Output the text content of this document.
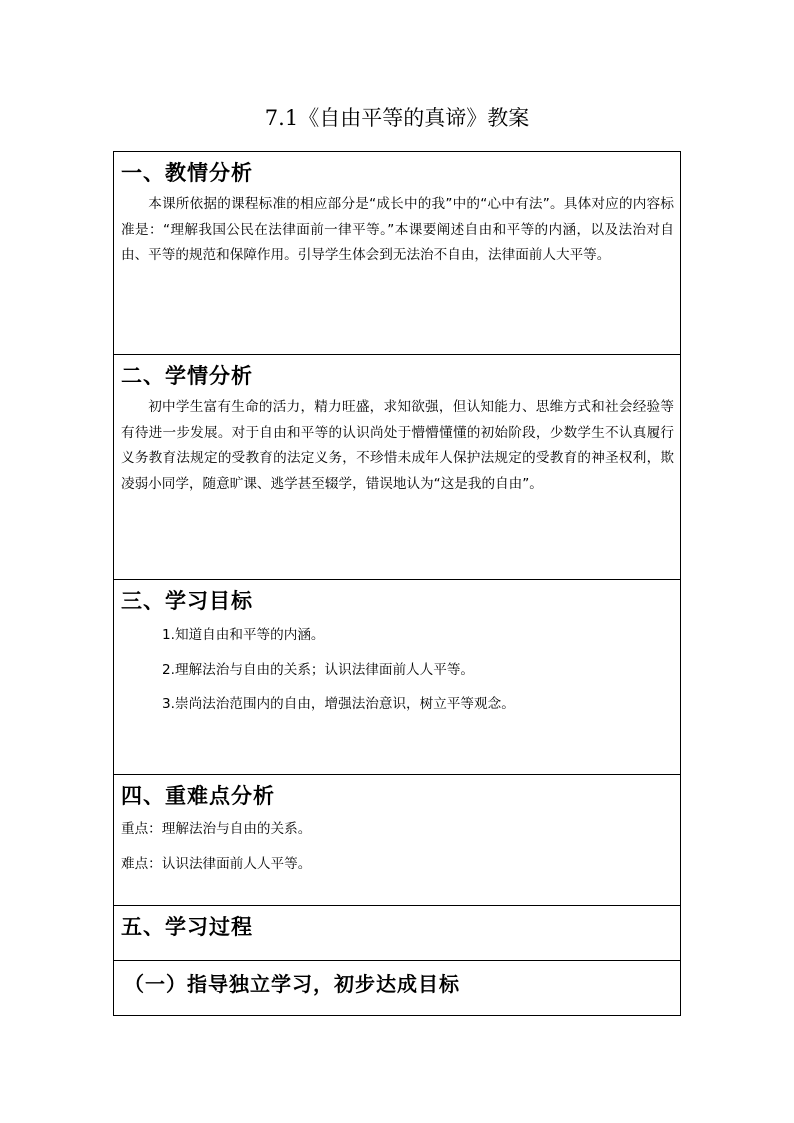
7.1《自由平等的真谛》教案
一、教情分析

本课所依据的课程标准的相应部分是“成长中的我”中的“心中有法”。具体对应的内容标准是：“理解我国公民在法律面前一律平等。”本课要阐述自由和平等的内涵，以及法治对自由、平等的规范和保障作用。引导学生体会到无法治不自由，法律面前人大平等。

二、学情分析

初中学生富有生命的活力，精力旺盛，求知欲强，但认知能力、思维方式和社会经验等有待进一步发展。对于自由和平等的认识尚处于懵懵懂懂的初始阶段，少数学生不认真履行义务教育法规定的受教育的法定义务，不珍惜未成年人保护法规定的受教育的神圣权利，欺凌弱小同学，随意旷课、逃学甚至辍学，错误地认为“这是我的自由”。

三、学习目标
1.知道自由和平等的内涵。
2.理解法治与自由的关系；认识法律面前人人平等。
3.崇尚法治范围内的自由，增强法治意识，树立平等观念。
四、重难点分析

重点：理解法治与自由的关系。

难点：认识法律面前人人平等。

五、学习过程
（一）指导独立学习，初步达成目标
